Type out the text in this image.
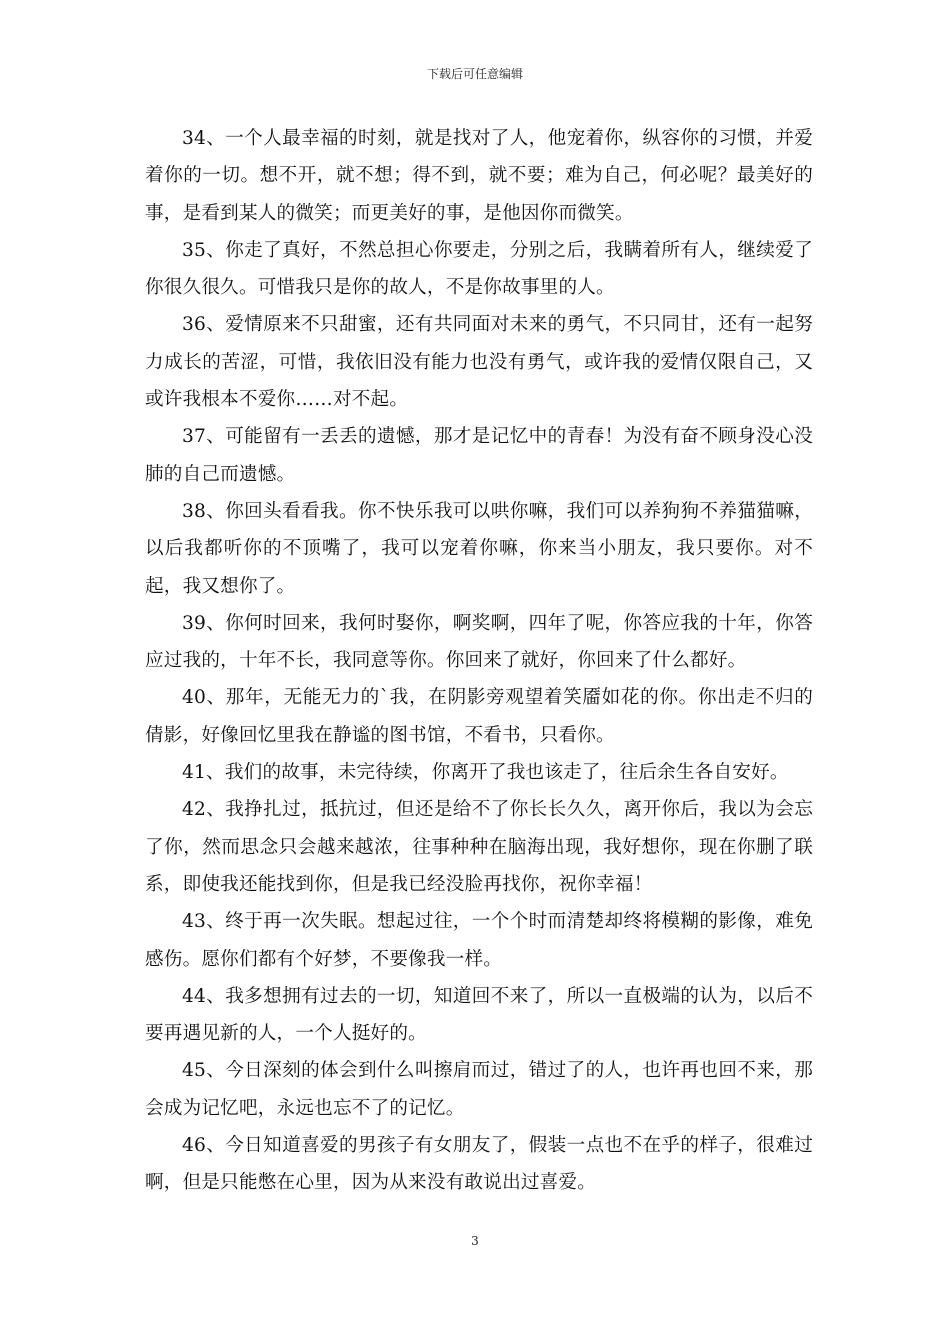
下载后可任意编辑

34、一个人最幸福的时刻，就是找对了人，他宠着你，纵容你的习惯，并爱着你的一切。想不开，就不想；得不到，就不要；难为自己，何必呢？最美好的事，是看到某人的微笑；而更美好的事，是他因你而微笑。

35、你走了真好，不然总担心你要走，分别之后，我瞒着所有人，继续爱了你很久很久。可惜我只是你的故人，不是你故事里的人。

36、爱情原来不只甜蜜，还有共同面对未来的勇气，不只同甘，还有一起努力成长的苦涩，可惜，我依旧没有能力也没有勇气，或许我的爱情仅限自己，又或许我根本不爱你……对不起。

37、可能留有一丢丢的遗憾，那才是记忆中的青春！为没有奋不顾身没心没肺的自己而遗憾。

38、你回头看看我。你不快乐我可以哄你嘛，我们可以养狗狗不养猫猫嘛，以后我都听你的不顶嘴了，我可以宠着你嘛，你来当小朋友，我只要你。对不起，我又想你了。

39、你何时回来，我何时娶你，啊奖啊，四年了呢，你答应我的十年，你答应过我的，十年不长，我同意等你。你回来了就好，你回来了什么都好。

40、那年，无能无力的`我，在阴影旁观望着笑靥如花的你。你出走不归的倩影，好像回忆里我在静谧的图书馆，不看书，只看你。

41、我们的故事，未完待续，你离开了我也该走了，往后余生各自安好。

42、我挣扎过，抵抗过，但还是给不了你长长久久，离开你后，我以为会忘了你，然而思念只会越来越浓，往事种种在脑海出现，我好想你，现在你删了联系，即使我还能找到你，但是我已经没脸再找你，祝你幸福！

43、终于再一次失眠。想起过往，一个个时而清楚却终将模糊的影像，难免感伤。愿你们都有个好梦，不要像我一样。

44、我多想拥有过去的一切，知道回不来了，所以一直极端的认为，以后不要再遇见新的人，一个人挺好的。

45、今日深刻的体会到什么叫擦肩而过，错过了的人，也许再也回不来，那会成为记忆吧，永远也忘不了的记忆。

46、今日知道喜爱的男孩子有女朋友了，假装一点也不在乎的样子，很难过啊，但是只能憋在心里，因为从来没有敢说出过喜爱。

3
